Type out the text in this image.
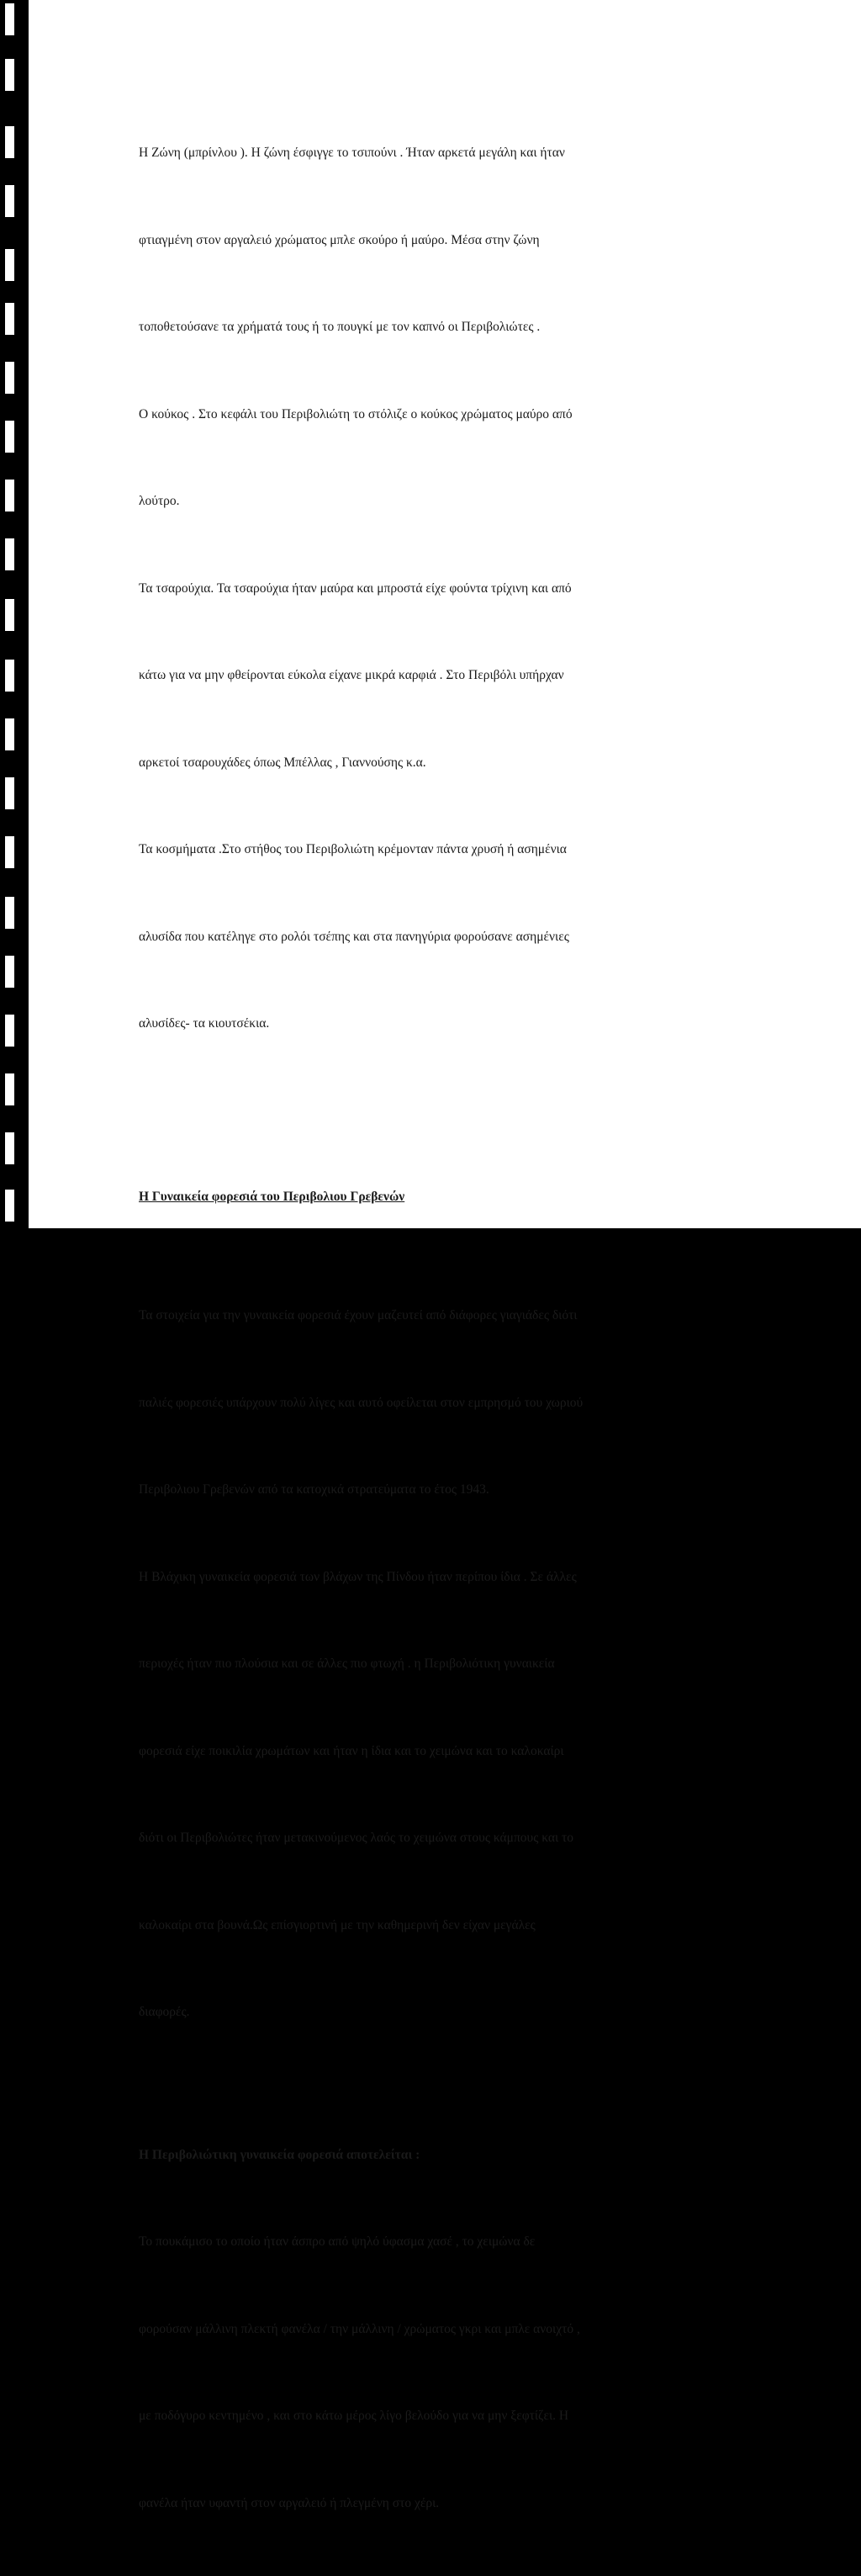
Η Ζώνη (μπρίνλου ). Η ζώνη έσφιγγε το τσιπούνι . Ήταν αρκετά μεγάλη και ήταν

φτιαγμένη στον αργαλειό χρώματος μπλε σκούρο ή μαύρο. Μέσα στην ζώνη

τοποθετούσανε τα χρήματά τους ή το πουγκί με τον καπνό οι Περιβολιώτες .

Ο κούκος . Στο κεφάλι του Περιβολιώτη το στόλιζε ο κούκος χρώματος μαύρο από

λούτρο.

Τα τσαρούχια. Τα τσαρούχια ήταν μαύρα και μπροστά είχε φούντα τρίχινη και από

κάτω για να μην φθείρονται εύκολα είχανε μικρά καρφιά . Στο Περιβόλι υπήρχαν

αρκετοί τσαρουχάδες όπως Μπέλλας , Γιαννούσης κ.α.

Τα κοσμήματα .Στο στήθος του Περιβολιώτη κρέμονταν πάντα χρυσή ή ασημένια

αλυσίδα που κατέληγε στο ρολόι τσέπης και στα πανηγύρια φορούσανε ασημένιες

αλυσίδες- τα κιουτσέκια.

Η Γυναικεία φορεσιά του Περιβολιου Γρεβενών

Τα στοιχεία για την γυναικεία φορεσιά έχουν μαζευτεί από διάφορες γιαγιάδες διότι

παλιές φορεσιές υπάρχουν πολύ λίγες και αυτό οφείλεται στον εμπρησμό του χωριού

Περιβολιου Γρεβενών από τα κατοχικά στρατεύματα το έτος 1943.

Η Βλάχικη γυναικεία φορεσιά των βλάχων της Πίνδου ήταν περίπου ίδια . Σε άλλες

περιοχές ήταν πιο πλούσια και σε άλλες πιο φτωχή . η Περιβολιότικη γυναικεία

φορεσιά είχε ποικιλία χρωμάτων και ήταν η ίδια και το χειμώνα και το καλοκαίρι

διότι οι Περιβολιώτες ήταν μετακινούμενος λαός το χειμώνα στους κάμπους και το

καλοκαίρι στα βουνά.Ως επίσγιορτινή με την καθημερινή δεν είχαν μεγάλες

διαφορές.

Η Περιβολιώτικη γυναικεία φορεσιά αποτελείται :

Το πουκάμισο το οποίο ήταν άσπρο από ψηλό ύφασμα χασέ , το χειμώνα δε

φορούσαν μάλλινη πλεκτή φανέλα / την μάλλινη / χρώματος γκρι και μπλε ανοιχτό ,

με ποδόγυρο κεντημένο , και στο κάτω μέρος λίγο βελούδο για να μην ξεφτίζει. Η

φανέλα ήταν υφαντή στον αργαλειό ή πλεγμένη στο χέρι.
